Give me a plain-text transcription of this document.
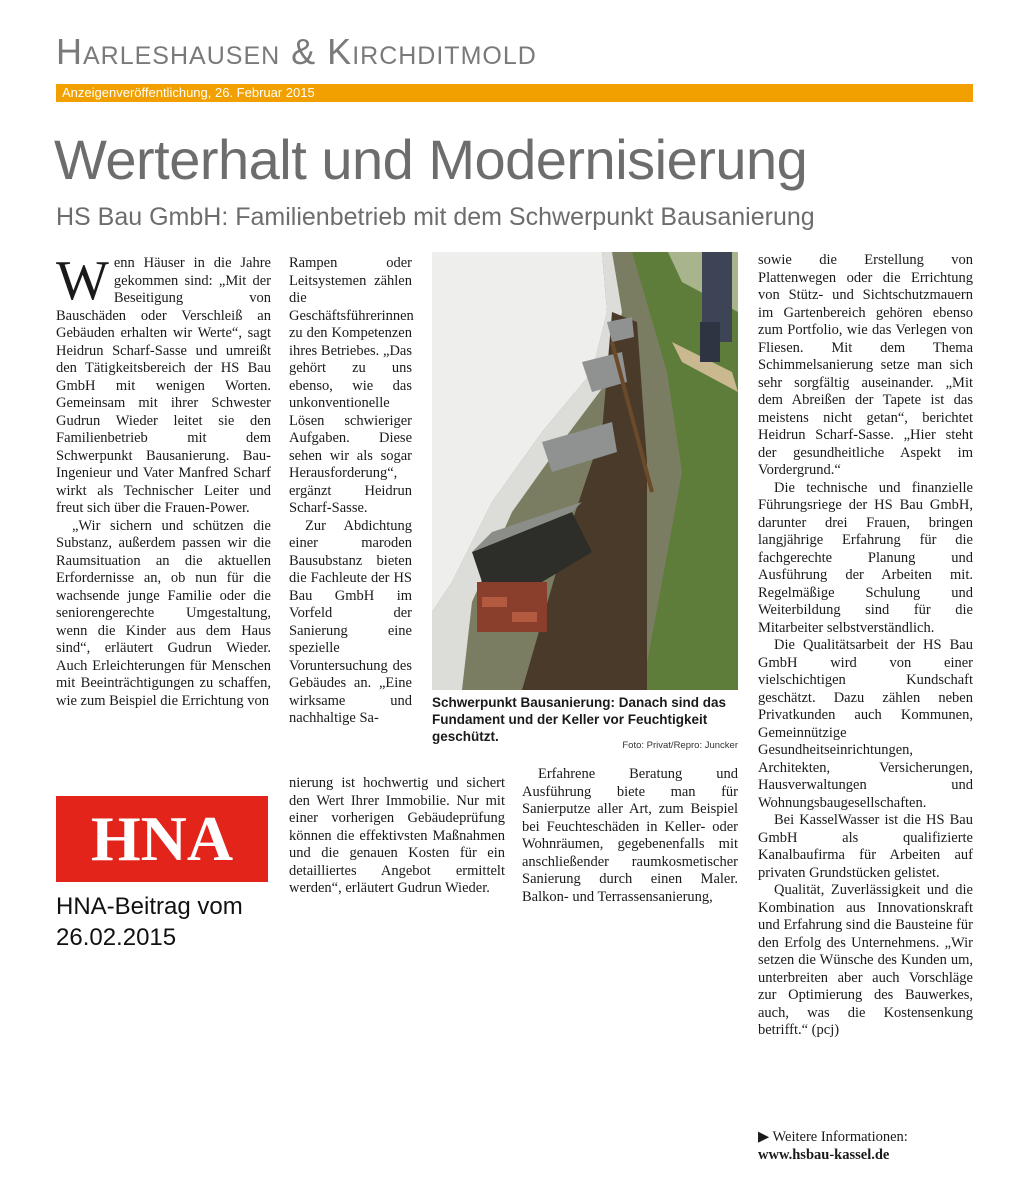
Harleshausen & Kirchditmold
Anzeigenveröffentlichung, 26. Februar 2015
Werterhalt und Modernisierung
HS Bau GmbH: Familienbetrieb mit dem Schwerpunkt Bausanierung

Wenn Häuser in die Jahre gekommen sind: „Mit der Beseitigung von Bauschäden oder Verschleiß an Gebäuden erhalten wir Werte“, sagt Heidrun Scharf-Sasse und umreißt den Tätigkeitsbereich der HS Bau GmbH mit wenigen Worten. Gemeinsam mit ihrer Schwester Gudrun Wieder leitet sie den Familienbetrieb mit dem Schwerpunkt Bausanierung. Bau-Ingenieur und Vater Manfred Scharf wirkt als Technischer Leiter und freut sich über die Frauen-Power.

„Wir sichern und schützen die Substanz, außerdem passen wir die Raumsituation an die aktuellen Erfordernisse an, ob nun für die wachsende junge Familie oder die seniorengerechte Umgestaltung, wenn die Kinder aus dem Haus sind“, erläutert Gudrun Wieder. Auch Erleichterungen für Menschen mit Beeinträchtigungen zu schaffen, wie zum Beispiel die Errichtung von

Rampen oder Leitsystemen zählen die Geschäftsführerinnen zu den Kompetenzen ihres Betriebes. „Das gehört zu uns ebenso, wie das unkonventionelle Lösen schwieriger Aufgaben. Diese sehen wir als sogar Herausforderung“, ergänzt Heidrun Scharf-Sasse.

Zur Abdichtung einer maroden Bausubstanz bieten die Fachleute der HS Bau GmbH im Vorfeld der Sanierung eine spezielle Voruntersuchung des Gebäudes an. „Eine wirksame und nachhaltige Sa-

nierung ist hochwertig und sichert den Wert Ihrer Immobilie. Nur mit einer vorherigen Gebäudeprüfung können die effektivsten Maßnahmen und die genauen Kosten für ein detailliertes Angebot ermittelt werden“, erläutert Gudrun Wieder.

Schwerpunkt Bausanierung: Danach sind das Fundament und der Keller vor Feuchtigkeit geschützt.
Foto: Privat/Repro: Juncker

Erfahrene Beratung und Ausführung biete man für Sanierputze aller Art, zum Beispiel bei Feuchteschäden in Keller- oder Wohnräumen, gegebenenfalls mit anschließender raumkosmetischer Sanierung durch einen Maler. Balkon- und Terrassensanierung,

sowie die Erstellung von Plattenwegen oder die Errichtung von Stütz- und Sichtschutzmauern im Gartenbereich gehören ebenso zum Portfolio, wie das Verlegen von Fliesen. Mit dem Thema Schimmelsanierung setze man sich sehr sorgfältig auseinander. „Mit dem Abreißen der Tapete ist das meistens nicht getan“, berichtet Heidrun Scharf-Sasse. „Hier steht der gesundheitliche Aspekt im Vordergrund.“

Die technische und finanzielle Führungsriege der HS Bau GmbH, darunter drei Frauen, bringen langjährige Erfahrung für die fachgerechte Planung und Ausführung der Arbeiten mit. Regelmäßige Schulung und Weiterbildung sind für die Mitarbeiter selbstverständlich.

Die Qualitätsarbeit der HS Bau GmbH wird von einer vielschichtigen Kundschaft geschätzt. Dazu zählen neben Privatkunden auch Kommunen, Gemeinnützige Gesundheitseinrichtungen, Architekten, Versicherungen, Hausverwaltungen und Wohnungsbaugesellschaften.

Bei KasselWasser ist die HS Bau GmbH als qualifizierte Kanalbaufirma für Arbeiten auf privaten Grundstücken gelistet.

Qualität, Zuverlässigkeit und die Kombination aus Innovationskraft und Erfahrung sind die Bausteine für den Erfolg des Unternehmens. „Wir setzen die Wünsche des Kunden um, unterbreiten aber auch Vorschläge zur Optimierung des Bauwerkes, auch, was die Kostensenkung betrifft.“ (pcj)

HNA
HNA-Beitrag vom 26.02.2015
▶ Weitere Informationen:
www.hsbau-kassel.de
